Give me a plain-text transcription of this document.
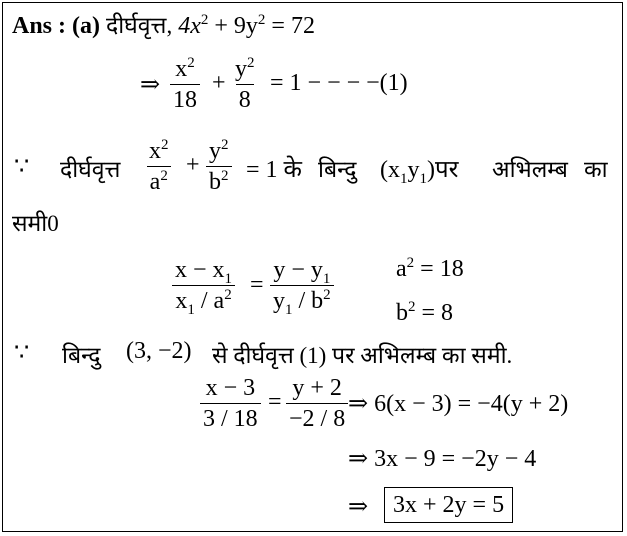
Ans : (a) दीर्घवृत्त, $4x^2 + 9y^2 = 72$
⇒ $\frac{x^2}{18} + \frac{y^2}{8} = 1$ − − − −(1)
∵ दीर्घवृत्त $\frac{x^2}{a^2} + \frac{y^2}{b^2} = 1$ के बिन्दु $(x_1y_1)पर$ अभिलम्ब का
समी0
$\frac{x - x_1}{x_1 / a^2} = \frac{y - y_1}{y_1 / b^2}$	$a^2 = 18$
$b^2 = 8$
∵ बिन्दु (3, −2) से दीर्घवृत्त (1) पर अभिलम्ब का समी.
$\frac{x - 3}{3 / 18} = \frac{y + 2}{-2 / 8}$ ⇒ 6(x − 3) = −4(y + 2)
⇒ 3x − 9 = −2y − 4
⇒	3x + 2y = 5
